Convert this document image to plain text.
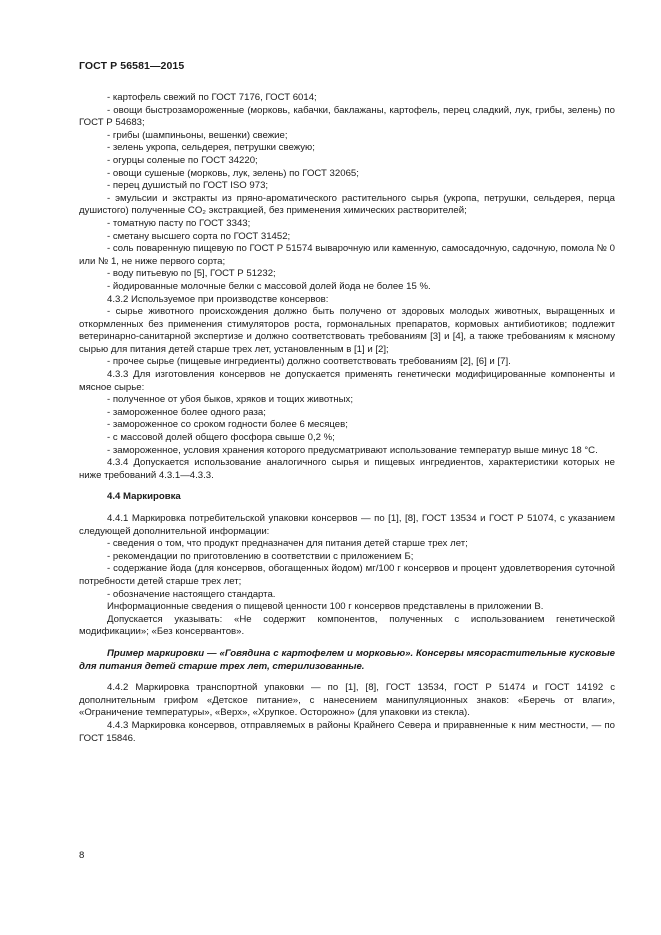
ГОСТ Р 56581—2015

- картофель свежий по ГОСТ 7176, ГОСТ 6014;

- овощи быстрозамороженные (морковь, кабачки, баклажаны, картофель, перец сладкий, лук, грибы, зелень) по ГОСТ Р 54683;

- грибы (шампиньоны, вешенки) свежие;

- зелень укропа, сельдерея, петрушки свежую;

- огурцы соленые по ГОСТ 34220;

- овощи сушеные (морковь, лук, зелень) по ГОСТ 32065;

- перец душистый по ГОСТ ISO 973;

- эмульсии и экстракты из пряно-ароматического растительного сырья (укропа, петрушки, сельдерея, перца душистого) полученные CO₂ экстракцией, без применения химических растворителей;

- томатную пасту по ГОСТ 3343;

- сметану высшего сорта по ГОСТ 31452;

- соль поваренную пищевую по ГОСТ Р 51574 выварочную или каменную, самосадочную, садочную, помола № 0 или № 1, не ниже первого сорта;

- воду питьевую по [5], ГОСТ Р 51232;

- йодированные молочные белки с массовой долей йода не более 15 %.

4.3.2 Используемое при производстве консервов:

- сырье животного происхождения должно быть получено от здоровых молодых животных, выращенных и откормленных без применения стимуляторов роста, гормональных препаратов, кормовых антибиотиков; подлежит ветеринарно-санитарной экспертизе и должно соответствовать требованиям [3] и [4], а также требованиям к мясному сырью для питания детей старше трех лет, установленным в [1] и [2];

- прочее сырье (пищевые ингредиенты) должно соответствовать требованиям [2], [6] и [7].

4.3.3 Для изготовления консервов не допускается применять генетически модифицированные компоненты и мясное сырье:

- полученное от убоя быков, хряков и тощих животных;

- замороженное более одного раза;

- замороженное со сроком годности более 6 месяцев;

- с массовой долей общего фосфора свыше 0,2 %;

- замороженное, условия хранения которого предусматривают использование температур выше минус 18 °С.

4.3.4 Допускается использование аналогичного сырья и пищевых ингредиентов, характеристики которых не ниже требований 4.3.1—4.3.3.

4.4 Маркировка

4.4.1 Маркировка потребительской упаковки консервов — по [1], [8], ГОСТ 13534 и ГОСТ Р 51074, с указанием следующей дополнительной информации:

- сведения о том, что продукт предназначен для питания детей старше трех лет;

- рекомендации по приготовлению в соответствии с приложением Б;

- содержание йода (для консервов, обогащенных йодом) мг/100 г консервов и процент удовлетворения суточной потребности детей старше трех лет;

- обозначение настоящего стандарта.

Информационные сведения о пищевой ценности 100 г консервов представлены в приложении В.

Допускается указывать: «Не содержит компонентов, полученных с использованием генетической модификации»; «Без консервантов».

Пример маркировки — «Говядина с картофелем и морковью». Консервы мясорастительные кусковые для питания детей старше трех лет, стерилизованные.

4.4.2 Маркировка транспортной упаковки — по [1], [8], ГОСТ 13534, ГОСТ Р 51474 и ГОСТ 14192 с дополнительным грифом «Детское питание», с нанесением манипуляционных знаков: «Беречь от влаги», «Ограничение температуры», «Верх», «Хрупкое. Осторожно» (для упаковки из стекла).

4.4.3 Маркировка консервов, отправляемых в районы Крайнего Севера и приравненные к ним местности, — по ГОСТ 15846.

8
